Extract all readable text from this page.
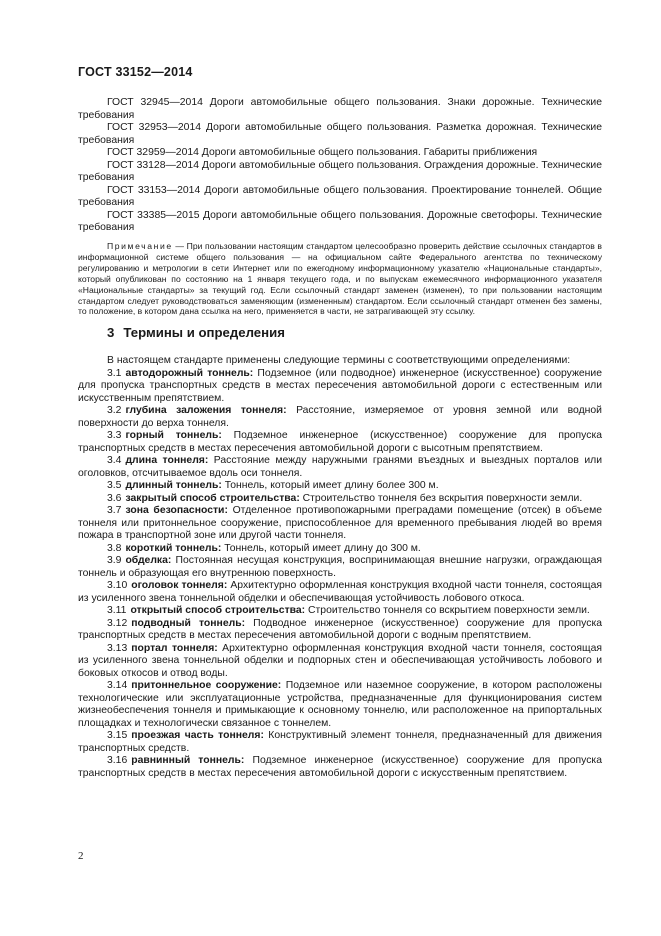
ГОСТ 33152—2014

ГОСТ 32945—2014 Дороги автомобильные общего пользования. Знаки дорожные. Технические требования

ГОСТ 32953—2014 Дороги автомобильные общего пользования. Разметка дорожная. Технические требования

ГОСТ 32959—2014 Дороги автомобильные общего пользования. Габариты приближения

ГОСТ 33128—2014 Дороги автомобильные общего пользования. Ограждения дорожные. Технические требования

ГОСТ 33153—2014 Дороги автомобильные общего пользования. Проектирование тоннелей. Общие требования

ГОСТ 33385—2015 Дороги автомобильные общего пользования. Дорожные светофоры. Технические требования

Примечание — При пользовании настоящим стандартом целесообразно проверить действие ссылочных стандартов в информационной системе общего пользования — на официальном сайте Федерального агентства по техническому регулированию и метрологии в сети Интернет или по ежегодному информационному указателю «Национальные стандарты», который опубликован по состоянию на 1 января текущего года, и по выпускам ежемесячного информационного указателя «Национальные стандарты» за текущий год. Если ссылочный стандарт заменен (изменен), то при пользовании настоящим стандартом следует руководствоваться заменяющим (измененным) стандартом. Если ссылочный стандарт отменен без замены, то положение, в котором дана ссылка на него, применяется в части, не затрагивающей эту ссылку.
3 Термины и определения

В настоящем стандарте применены следующие термины с соответствующими определениями:

3.1 автодорожный тоннель: Подземное (или подводное) инженерное (искусственное) сооружение для пропуска транспортных средств в местах пересечения автомобильной дороги с естественным или искусственным препятствием.

3.2 глубина заложения тоннеля: Расстояние, измеряемое от уровня земной или водной поверхности до верха тоннеля.

3.3 горный тоннель: Подземное инженерное (искусственное) сооружение для пропуска транспортных средств в местах пересечения автомобильной дороги с высотным препятствием.

3.4 длина тоннеля: Расстояние между наружными гранями въездных и выездных порталов или оголовков, отсчитываемое вдоль оси тоннеля.

3.5 длинный тоннель: Тоннель, который имеет длину более 300 м.

3.6 закрытый способ строительства: Строительство тоннеля без вскрытия поверхности земли.

3.7 зона безопасности: Отделенное противопожарными преградами помещение (отсек) в объеме тоннеля или притоннельное сооружение, приспособленное для временного пребывания людей во время пожара в транспортной зоне или другой части тоннеля.

3.8 короткий тоннель: Тоннель, который имеет длину до 300 м.

3.9 обделка: Постоянная несущая конструкция, воспринимающая внешние нагрузки, ограждающая тоннель и образующая его внутреннюю поверхность.

3.10 оголовок тоннеля: Архитектурно оформленная конструкция входной части тоннеля, состоящая из усиленного звена тоннельной обделки и обеспечивающая устойчивость лобового откоса.

3.11 открытый способ строительства: Строительство тоннеля со вскрытием поверхности земли.

3.12 подводный тоннель: Подводное инженерное (искусственное) сооружение для пропуска транспортных средств в местах пересечения автомобильной дороги с водным препятствием.

3.13 портал тоннеля: Архитектурно оформленная конструкция входной части тоннеля, состоящая из усиленного звена тоннельной обделки и подпорных стен и обеспечивающая устойчивость лобового и боковых откосов и отвод воды.

3.14 притоннельное сооружение: Подземное или наземное сооружение, в котором расположены технологические или эксплуатационные устройства, предназначенные для функционирования систем жизнеобеспечения тоннеля и примыкающие к основному тоннелю, или расположенное на припортальных площадках и технологически связанное с тоннелем.

3.15 проезжая часть тоннеля: Конструктивный элемент тоннеля, предназначенный для движения транспортных средств.

3.16 равнинный тоннель: Подземное инженерное (искусственное) сооружение для пропуска транспортных средств в местах пересечения автомобильной дороги с искусственным препятствием.

2
